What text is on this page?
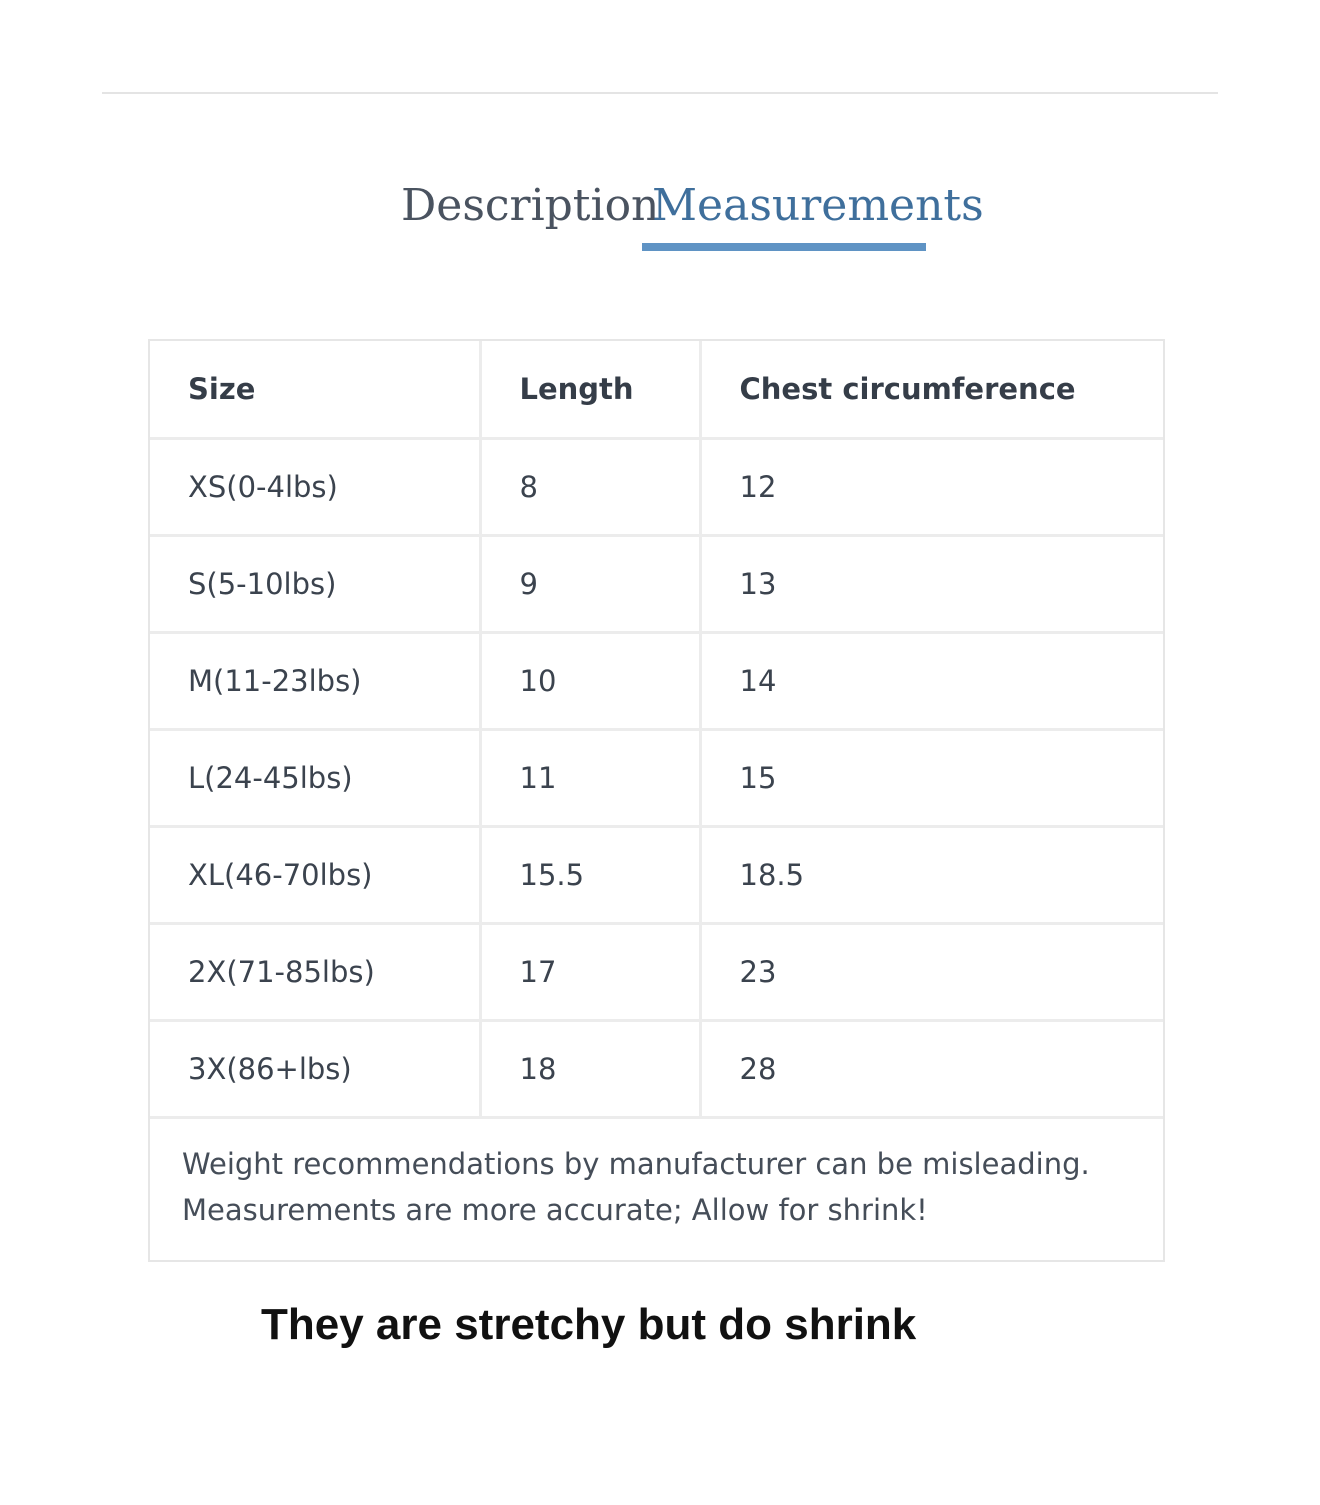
Description
Measurements
Size	Length	Chest circumference
XS(0-4lbs)	8	12
S(5-10lbs)	9	13
M(11-23lbs)	10	14
L(24-45lbs)	11	15
XL(46-70lbs)	15.5	18.5
2X(71-85lbs)	17	23
3X(86+lbs)	18	28
Weight recommendations by manufacturer can be misleading.
Measurements are more accurate; Allow for shrink!
They are stretchy but do shrink
